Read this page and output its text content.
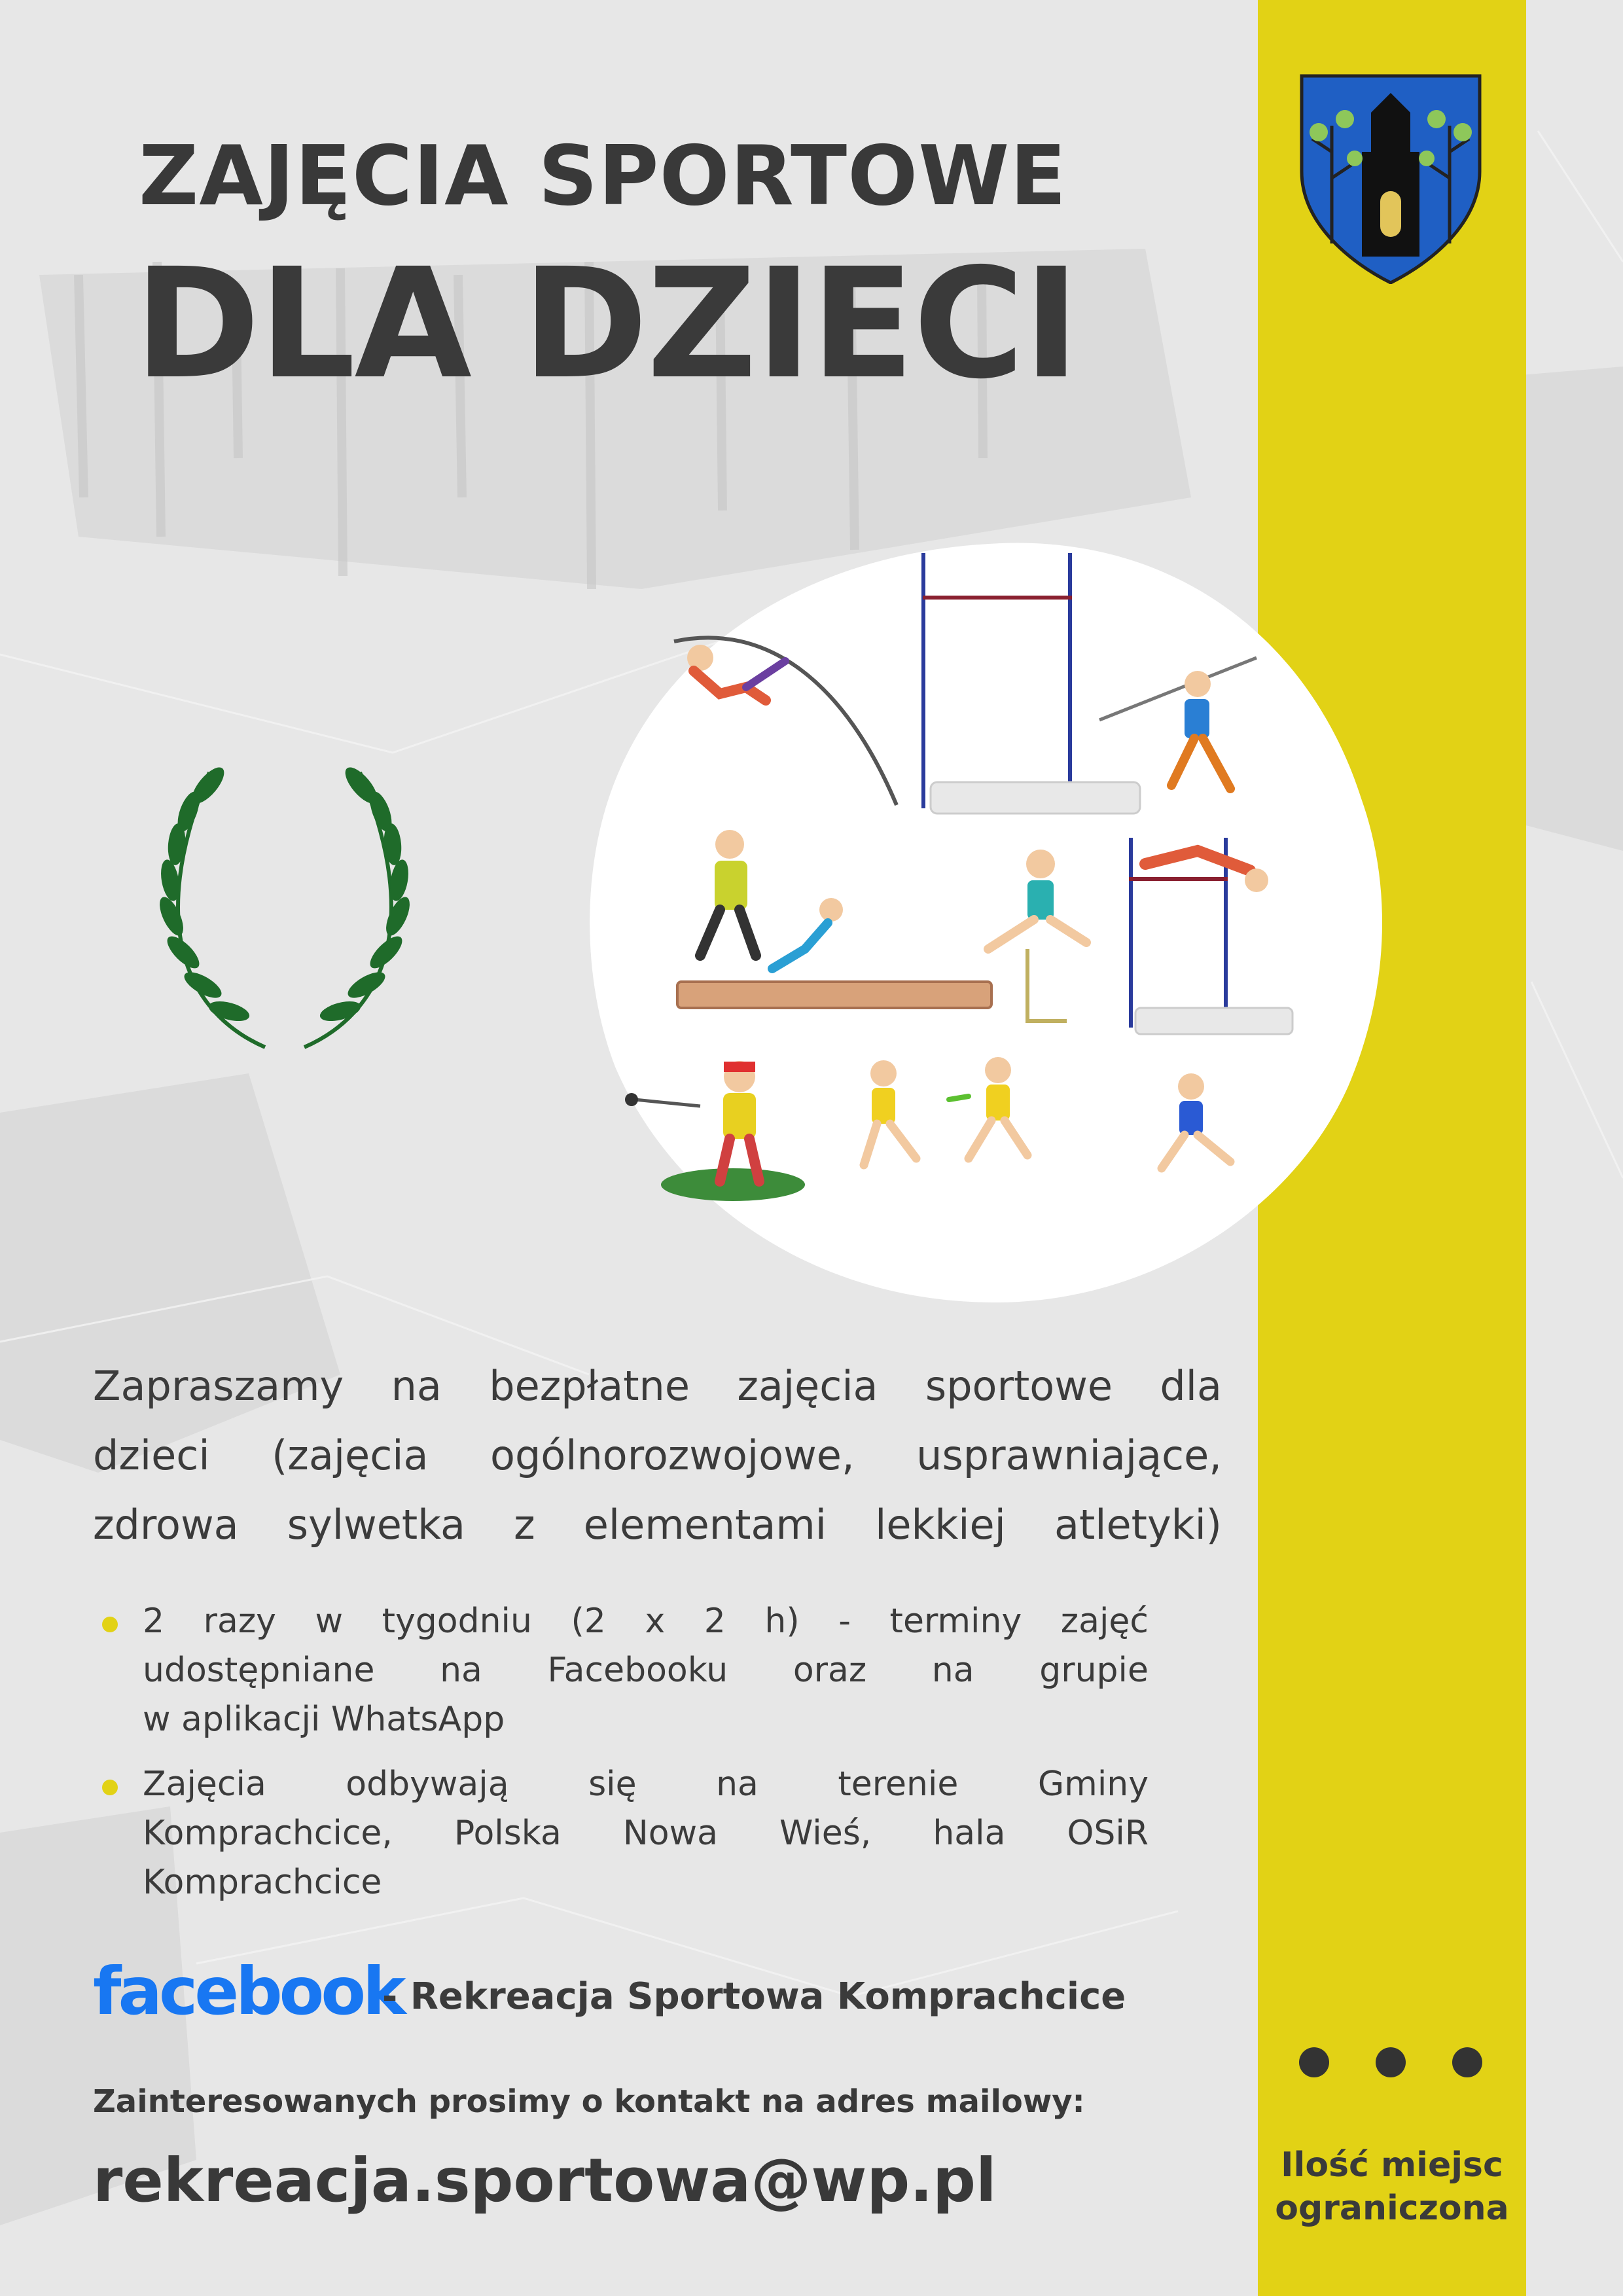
ZAJĘCIA SPORTOWE
DLA DZIECI
Zapraszamy na bezpłatne zajęcia sportowe dla
dzieci (zajęcia ogólnorozwojowe, usprawniające,
zdrowa sylwetka z elementami lekkiej atletyki)
2 razy w tygodniu (2 x 2 h) - terminy zajęć
udostępniane na Facebooku oraz na grupie
w aplikacji WhatsApp
Zajęcia odbywają się na terenie Gminy
Komprachcice, Polska Nowa Wieś, hala OSiR
Komprachcice
facebook
- Rekreacja Sportowa Komprachcice
Zainteresowanych prosimy o kontakt na adres mailowy:
rekreacja.sportowa@wp.pl	Ilość miejsc
ograniczona
